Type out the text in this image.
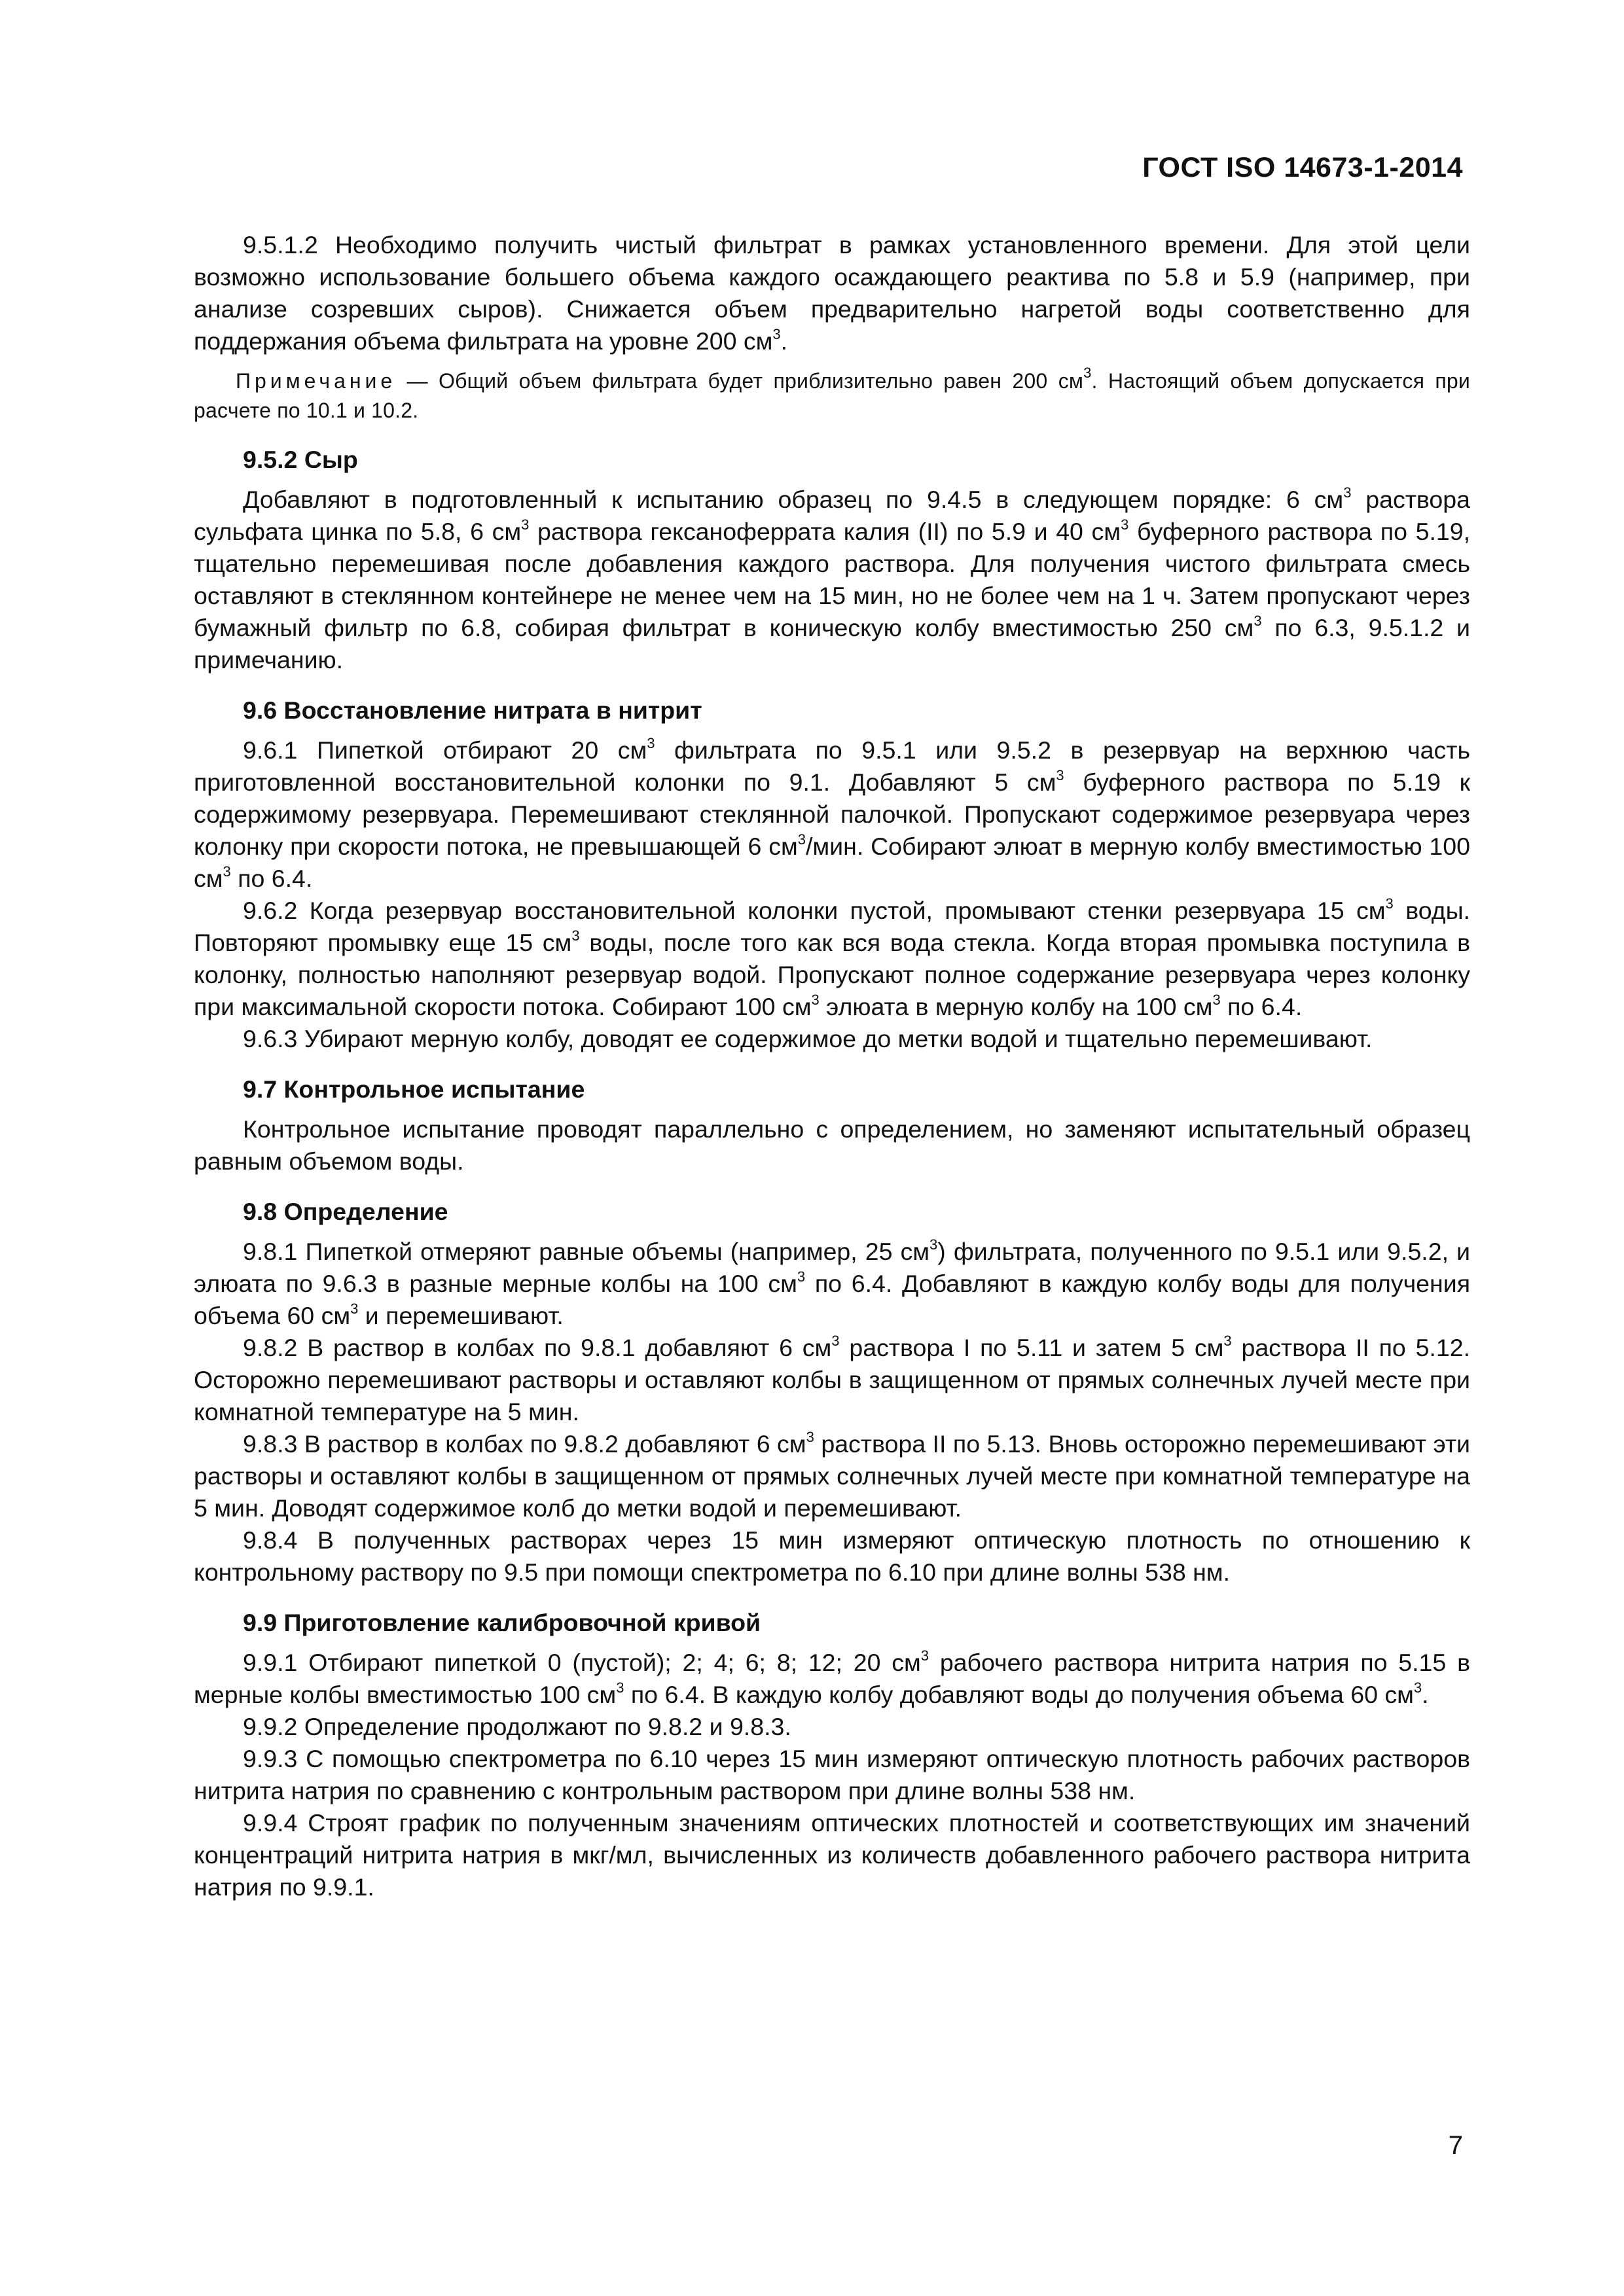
ГОСТ ISO 14673-1-2014

9.5.1.2 Необходимо получить чистый фильтрат в рамках установленного времени. Для этой цели возможно использование большего объема каждого осаждающего реактива по 5.8 и 5.9 (например, при анализе созревших сыров). Снижается объем предварительно нагретой воды соответственно для поддержания объема фильтрата на уровне 200 $см^3$.

Примечание — Общий объем фильтрата будет приблизительно равен 200 $см^3$. Настоящий объем допускается при расчете по 10.1 и 10.2.

9.5.2 Сыр

Добавляют в подготовленный к испытанию образец по 9.4.5 в следующем порядке: 6 $см^3$ раствора сульфата цинка по 5.8, 6 $см^3$ раствора гексаноферрата калия (II) по 5.9 и 40 $см^3$ буферного раствора по 5.19, тщательно перемешивая после добавления каждого раствора. Для получения чистого фильтрата смесь оставляют в стеклянном контейнере не менее чем на 15 мин, но не более чем на 1 ч. Затем пропускают через бумажный фильтр по 6.8, собирая фильтрат в коническую колбу вместимостью 250 $см^3$ по 6.3, 9.5.1.2 и примечанию.

9.6 Восстановление нитрата в нитрит

9.6.1 Пипеткой отбирают 20 $см^3$ фильтрата по 9.5.1 или 9.5.2 в резервуар на верхнюю часть приготовленной восстановительной колонки по 9.1. Добавляют 5 $см^3$ буферного раствора по 5.19 к содержимому резервуара. Перемешивают стеклянной палочкой. Пропускают содержимое резервуара через колонку при скорости потока, не превышающей 6 $см^3$/мин. Собирают элюат в мерную колбу вместимостью 100 $см^3$ по 6.4.

9.6.2 Когда резервуар восстановительной колонки пустой, промывают стенки резервуара 15 $см^3$ воды. Повторяют промывку еще 15 $см^3$ воды, после того как вся вода стекла. Когда вторая промывка поступила в колонку, полностью наполняют резервуар водой. Пропускают полное содержание резервуара через колонку при максимальной скорости потока. Собирают 100 $см^3$ элюата в мерную колбу на 100 $см^3$ по 6.4.

9.6.3 Убирают мерную колбу, доводят ее содержимое до метки водой и тщательно перемешивают.

9.7 Контрольное испытание

Контрольное испытание проводят параллельно с определением, но заменяют испытательный образец равным объемом воды.

9.8 Определение

9.8.1 Пипеткой отмеряют равные объемы (например, 25 $см^3$) фильтрата, полученного по 9.5.1 или 9.5.2, и элюата по 9.6.3 в разные мерные колбы на 100 $см^3$ по 6.4. Добавляют в каждую колбу воды для получения объема 60 $см^3$ и перемешивают.

9.8.2 В раствор в колбах по 9.8.1 добавляют 6 $см^3$ раствора I по 5.11 и затем 5 $см^3$ раствора II по 5.12. Осторожно перемешивают растворы и оставляют колбы в защищенном от прямых солнечных лучей месте при комнатной температуре на 5 мин.

9.8.3 В раствор в колбах по 9.8.2 добавляют 6 $см^3$ раствора II по 5.13. Вновь осторожно перемешивают эти растворы и оставляют колбы в защищенном от прямых солнечных лучей месте при комнатной температуре на 5 мин. Доводят содержимое колб до метки водой и перемешивают.

9.8.4 В полученных растворах через 15 мин измеряют оптическую плотность по отношению к контрольному раствору по 9.5 при помощи спектрометра по 6.10 при длине волны 538 нм.

9.9 Приготовление калибровочной кривой

9.9.1 Отбирают пипеткой 0 (пустой); 2; 4; 6; 8; 12; 20 $см^3$ рабочего раствора нитрита натрия по 5.15 в мерные колбы вместимостью 100 $см^3$ по 6.4. В каждую колбу добавляют воды до получения объема 60 $см^3$.

9.9.2 Определение продолжают по 9.8.2 и 9.8.3.

9.9.3 С помощью спектрометра по 6.10 через 15 мин измеряют оптическую плотность рабочих растворов нитрита натрия по сравнению с контрольным раствором при длине волны 538 нм.

9.9.4 Строят график по полученным значениям оптических плотностей и соответствующих им значений концентраций нитрита натрия в мкг/мл, вычисленных из количеств добавленного рабочего раствора нитрита натрия по 9.9.1.

7
